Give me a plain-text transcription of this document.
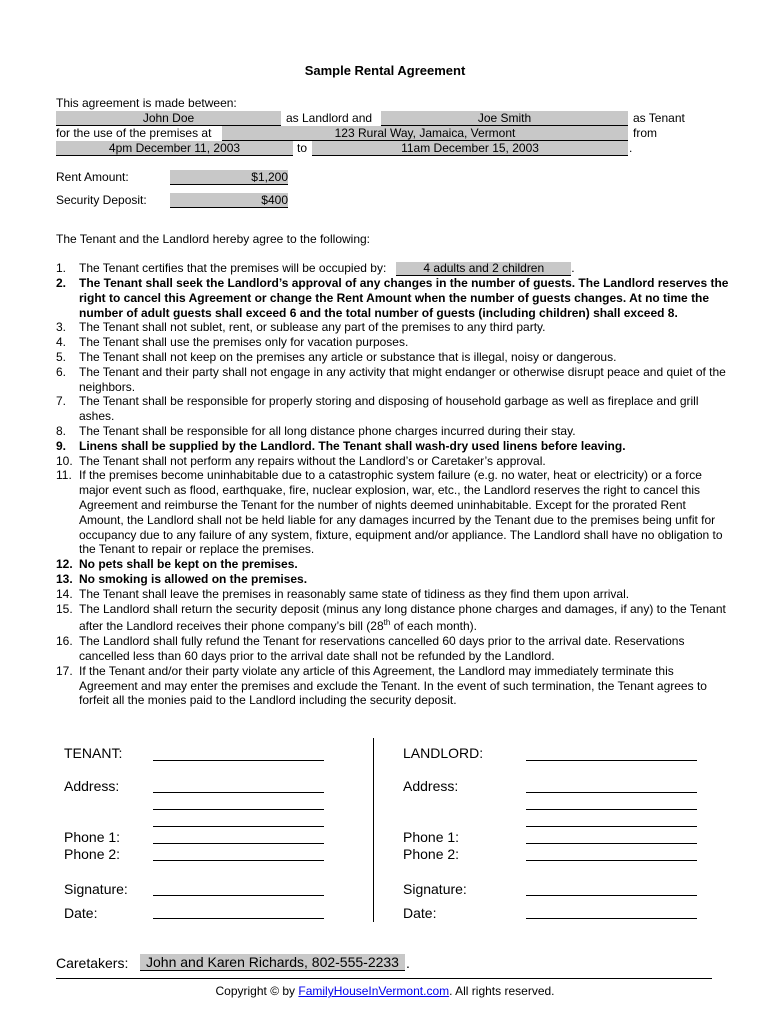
Sample Rental Agreement
This agreement is made between:
John Doe	as Landlord and	Joe Smith	as Tenant
for the use of the premises at	123 Rural Way, Jamaica, Vermont	from
4pm December 11, 2003	to	11am December 15, 2003	.
Rent Amount:	$1,200
Security Deposit:	$400
The Tenant and the Landlord hereby agree to the following:
1. The Tenant certifies that the premises will be occupied by:	4 adults and 2 children .
2. The Tenant shall seek the Landlord’s approval of any changes in the number of guests. The Landlord reserves the right to cancel this Agreement or change the Rent Amount when the number of guests changes. At no time the number of adult guests shall exceed 6 and the total number of guests (including children) shall exceed 8.
3. The Tenant shall not sublet, rent, or sublease any part of the premises to any third party.
4. The Tenant shall use the premises only for vacation purposes.
5. The Tenant shall not keep on the premises any article or substance that is illegal, noisy or dangerous.
6. The Tenant and their party shall not engage in any activity that might endanger or otherwise disrupt peace and quiet of the neighbors.
7. The Tenant shall be responsible for properly storing and disposing of household garbage as well as fireplace and grill ashes.
8. The Tenant shall be responsible for all long distance phone charges incurred during their stay.
9. Linens shall be supplied by the Landlord. The Tenant shall wash-dry used linens before leaving.
10. The Tenant shall not perform any repairs without the Landlord’s or Caretaker’s approval.
11. If the premises become uninhabitable due to a catastrophic system failure (e.g. no water, heat or electricity) or a force major event such as flood, earthquake, fire, nuclear explosion, war, etc., the Landlord reserves the right to cancel this Agreement and reimburse the Tenant for the number of nights deemed uninhabitable. Except for the prorated Rent Amount, the Landlord shall not be held liable for any damages incurred by the Tenant due to the premises being unfit for occupancy due to any failure of any system, fixture, equipment and/or appliance. The Landlord shall have no obligation to the Tenant to repair or replace the premises.
12. No pets shall be kept on the premises.
13. No smoking is allowed on the premises.
14. The Tenant shall leave the premises in reasonably same state of tidiness as they find them upon arrival.
15. The Landlord shall return the security deposit (minus any long distance phone charges and damages, if any) to the Tenant after the Landlord receives their phone company’s bill (28th of each month).
16. The Landlord shall fully refund the Tenant for reservations cancelled 60 days prior to the arrival date. Reservations cancelled less than 60 days prior to the arrival date shall not be refunded by the Landlord.
17. If the Tenant and/or their party violate any article of this Agreement, the Landlord may immediately terminate this Agreement and may enter the premises and exclude the Tenant. In the event of such termination, the Tenant agrees to forfeit all the monies paid to the Landlord including the security deposit.
TENANT:
Address:
Phone 1:
Phone 2:
Signature:
Date:
LANDLORD:
Address:
Phone 1:
Phone 2:
Signature:
Date:
Caretakers:	John and Karen Richards, 802-555-2233 .
Copyright © by FamilyHouseInVermont.com. All rights reserved.
